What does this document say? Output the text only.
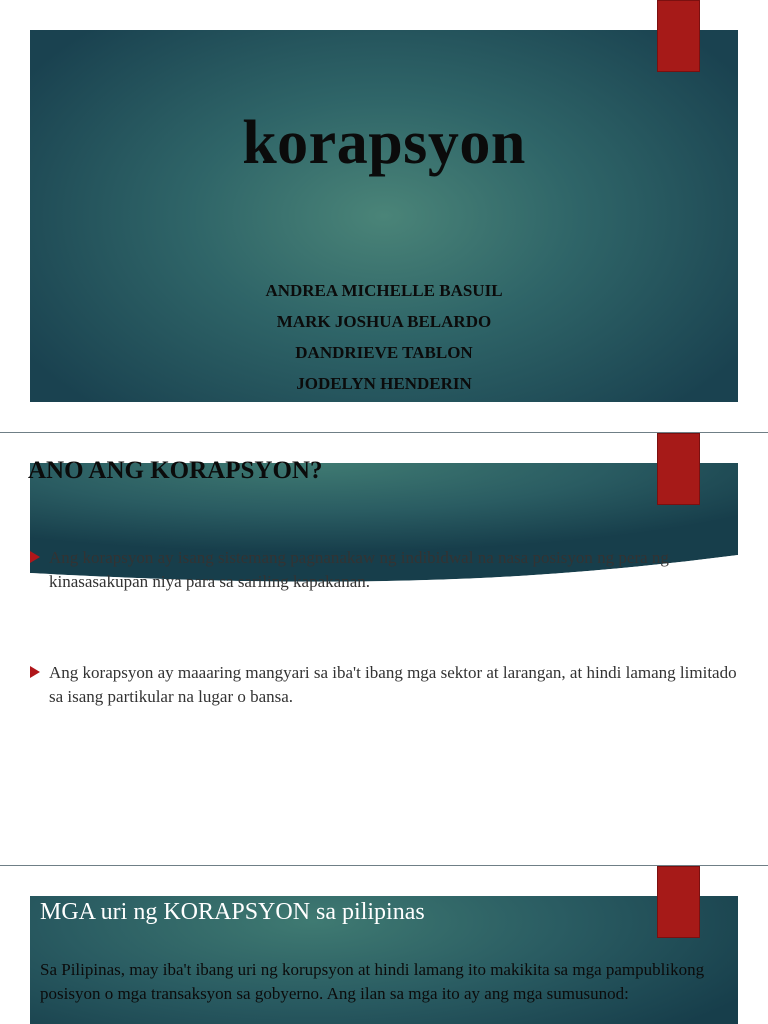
korapsyon
ANDREA MICHELLE BASUIL
MARK JOSHUA BELARDO
DANDRIEVE TABLON
JODELYN HENDERIN
ANO ANG KORAPSYON?
Ang korapsyon ay isang sistemang pagnanakaw ng indibidwal na nasa posisyon ng pera ng kinasasakupan niya para sa sariling kapakanan.
Ang korapsyon ay maaaring mangyari sa iba't ibang mga sektor at larangan, at hindi lamang limitado sa isang partikular na lugar o bansa.
MGA uri ng KORAPSYON sa pilipinas
Sa Pilipinas, may iba't ibang uri ng korupsyon at hindi lamang ito makikita sa mga pampublikong posisyon o mga transaksyon sa gobyerno. Ang ilan sa mga ito ay ang mga sumusunod:
